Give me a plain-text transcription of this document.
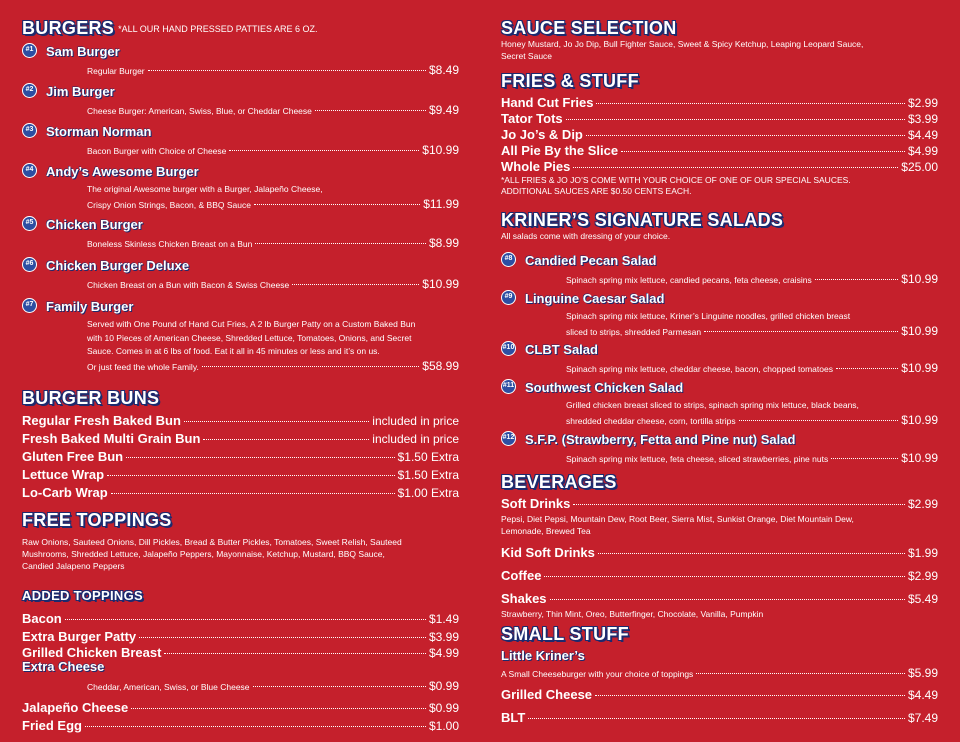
BURGERS *ALL OUR HAND PRESSED PATTIES ARE 6 OZ.
#1 Sam Burger
Regular Burger	$8.49
#2 Jim Burger
Cheese Burger: American, Swiss, Blue, or Cheddar Cheese	$9.49
#3 Storman Norman
Bacon Burger with Choice of Cheese	$10.99
#4 Andy’s Awesome Burger
The original Awesome burger with a Burger, Jalapeño Cheese,
Crispy Onion Strings, Bacon, & BBQ Sauce	$11.99
#5 Chicken Burger
Boneless Skinless Chicken Breast on a Bun	$8.99
#6 Chicken Burger Deluxe
Chicken Breast on a Bun with Bacon & Swiss Cheese	$10.99
#7 Family Burger
Served with One Pound of Hand Cut Fries, A 2 lb Burger Patty on a Custom Baked Bun
with 10 Pieces of American Cheese, Shredded Lettuce, Tomatoes, Onions, and Secret
Sauce. Comes in at 6 lbs of food. Eat it all in 45 minutes or less and it’s on us.
Or just feed the whole Family.	$58.99
BURGER BUNS
Regular Fresh Baked Bun	included in price
Fresh Baked Multi Grain Bun	included in price
Gluten Free Bun	$1.50 Extra
Lettuce Wrap	$1.50 Extra
Lo-Carb Wrap	$1.00 Extra
FREE TOPPINGS
Raw Onions, Sauteed Onions, Dill Pickles, Bread & Butter Pickles, Tomatoes, Sweet Relish, Sauteed
Mushrooms, Shredded Lettuce, Jalapeño Peppers, Mayonnaise, Ketchup, Mustard, BBQ Sauce,
Candied Jalapeno Peppers
ADDED TOPPINGS
Bacon	$1.49
Extra Burger Patty	$3.99
Grilled Chicken Breast	$4.99
Extra Cheese
Cheddar, American, Swiss, or Blue Cheese	$0.99
Jalapeño Cheese	$0.99
Fried Egg	$1.00
SAUCE SELECTION
Honey Mustard, Jo Jo Dip, Bull Fighter Sauce, Sweet & Spicy Ketchup, Leaping Leopard Sauce,
Secret Sauce
FRIES & STUFF
Hand Cut Fries	$2.99
Tator Tots	$3.99
Jo Jo’s & Dip	$4.49
All Pie By the Slice	$4.99
Whole Pies	$25.00
*ALL FRIES & JO JO’S COME WITH YOUR CHOICE OF ONE OF OUR SPECIAL SAUCES.
ADDITIONAL SAUCES ARE $0.50 CENTS EACH.
KRINER’S SIGNATURE SALADS
All salads come with dressing of your choice.
#8 Candied Pecan Salad
Spinach spring mix lettuce, candied pecans, feta cheese, craisins	$10.99
#9 Linguine Caesar Salad
Spinach spring mix lettuce, Kriner’s Linguine noodles, grilled chicken breast
sliced to strips, shredded Parmesan	$10.99
#10 CLBT Salad
Spinach spring mix lettuce, cheddar cheese, bacon, chopped tomatoes	$10.99
#11 Southwest Chicken Salad
Grilled chicken breast sliced to strips, spinach spring mix lettuce, black beans,
shredded cheddar cheese, corn, tortilla strips	$10.99
#12 S.F.P. (Strawberry, Fetta and Pine nut) Salad
Spinach spring mix lettuce, feta cheese, sliced strawberries, pine nuts	$10.99
BEVERAGES
Soft Drinks	$2.99
Pepsi, Diet Pepsi, Mountain Dew, Root Beer, Sierra Mist, Sunkist Orange, Diet Mountain Dew,
Lemonade, Brewed Tea
Kid Soft Drinks	$1.99
Coffee	$2.99
Shakes	$5.49
Strawberry, Thin Mint, Oreo, Butterfinger, Chocolate, Vanilla, Pumpkin
SMALL STUFF
Little Kriner’s
A Small Cheeseburger with your choice of toppings	$5.99
Grilled Cheese	$4.49
BLT	$7.49
